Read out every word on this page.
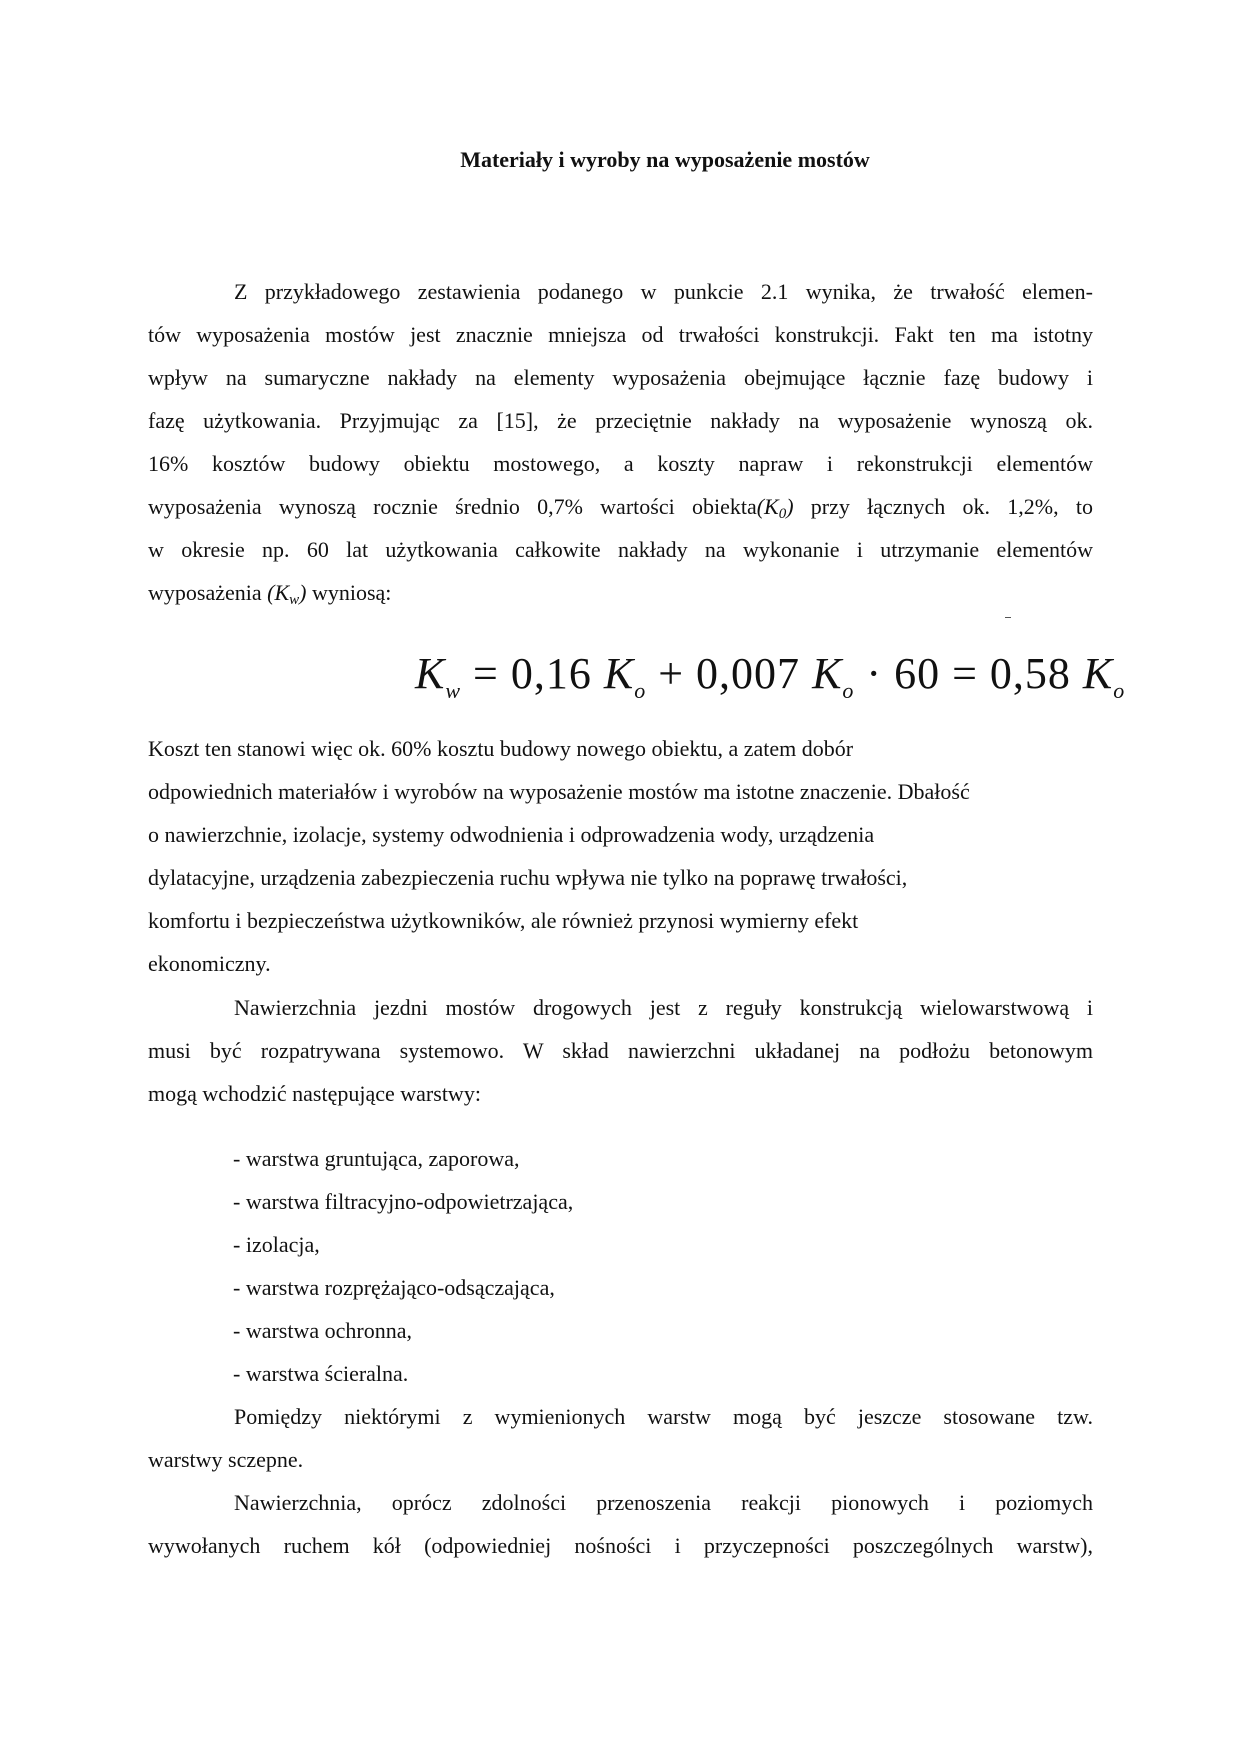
Materiały i wyroby na wyposażenie mostów
Z przykładowego zestawienia podanego w punkcie 2.1 wynika, że trwałość elemen-
tów wyposażenia mostów jest znacznie mniejsza od trwałości konstrukcji. Fakt ten ma istotny
wpływ na sumaryczne nakłady na elementy wyposażenia obejmujące łącznie fazę budowy i
fazę użytkowania. Przyjmując za [15], że przeciętnie nakłady na wyposażenie wynoszą ok.
16% kosztów budowy obiektu mostowego, a koszty napraw i rekonstrukcji elementów
wyposażenia wynoszą rocznie średnio 0,7% wartości $obiekta(K_0)$ przy łącznych ok. 1,2%, to
w okresie np. 60 lat użytkowania całkowite nakłady na wykonanie i utrzymanie elementów
wyposażenia $(K_w)$ wyniosą:
$K_w = 0,16$ $K_o + 0,007$ $K_o \cdot 60 = 0,58$ $K_o$
Koszt ten stanowi więc ok. 60% kosztu budowy nowego obiektu, a zatem dobór
odpowiednich materiałów i wyrobów na wyposażenie mostów ma istotne znaczenie. Dbałość
o nawierzchnie, izolacje, systemy odwodnienia i odprowadzenia wody, urządzenia
dylatacyjne, urządzenia zabezpieczenia ruchu wpływa nie tylko na poprawę trwałości,
komfortu i bezpieczeństwa użytkowników, ale również przynosi wymierny efekt
ekonomiczny.
Nawierzchnia jezdni mostów drogowych jest z reguły konstrukcją wielowarstwową i
musi być rozpatrywana systemowo. W skład nawierzchni układanej na podłożu betonowym
mogą wchodzić następujące warstwy:
- warstwa gruntująca, zaporowa,
- warstwa filtracyjno-odpowietrzająca,
- izolacja,
- warstwa rozprężająco-odsączająca,
- warstwa ochronna,
- warstwa ścieralna.
Pomiędzy niektórymi z wymienionych warstw mogą być jeszcze stosowane tzw.
warstwy sczepne.
Nawierzchnia, oprócz zdolności przenoszenia reakcji pionowych i poziomych
wywołanych ruchem kół (odpowiedniej nośności i przyczepności poszczególnych warstw),
